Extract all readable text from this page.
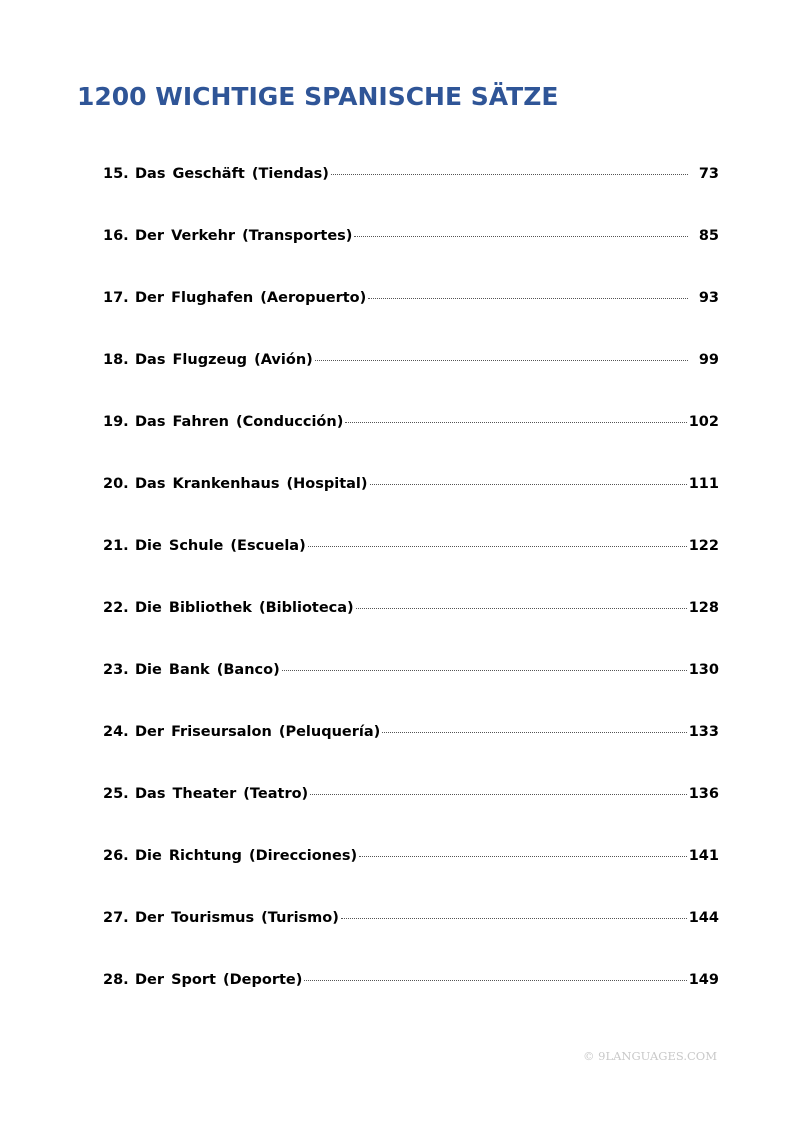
1200 WICHTIGE SPANISCHE SÄTZE
15. Das Geschäft (Tiendas)	73
16. Der Verkehr (Transportes)	85
17. Der Flughafen (Aeropuerto)	93
18. Das Flugzeug (Avión)	99
19. Das Fahren (Conducción)	102
20. Das Krankenhaus (Hospital)	111
21. Die Schule (Escuela)	122
22. Die Bibliothek (Biblioteca)	128
23. Die Bank (Banco)	130
24. Der Friseursalon (Peluquería)	133
25. Das Theater (Teatro)	136
26. Die Richtung (Direcciones)	141
27. Der Tourismus (Turismo)	144
28. Der Sport (Deporte)	149
© 9LANGUAGES.COM
